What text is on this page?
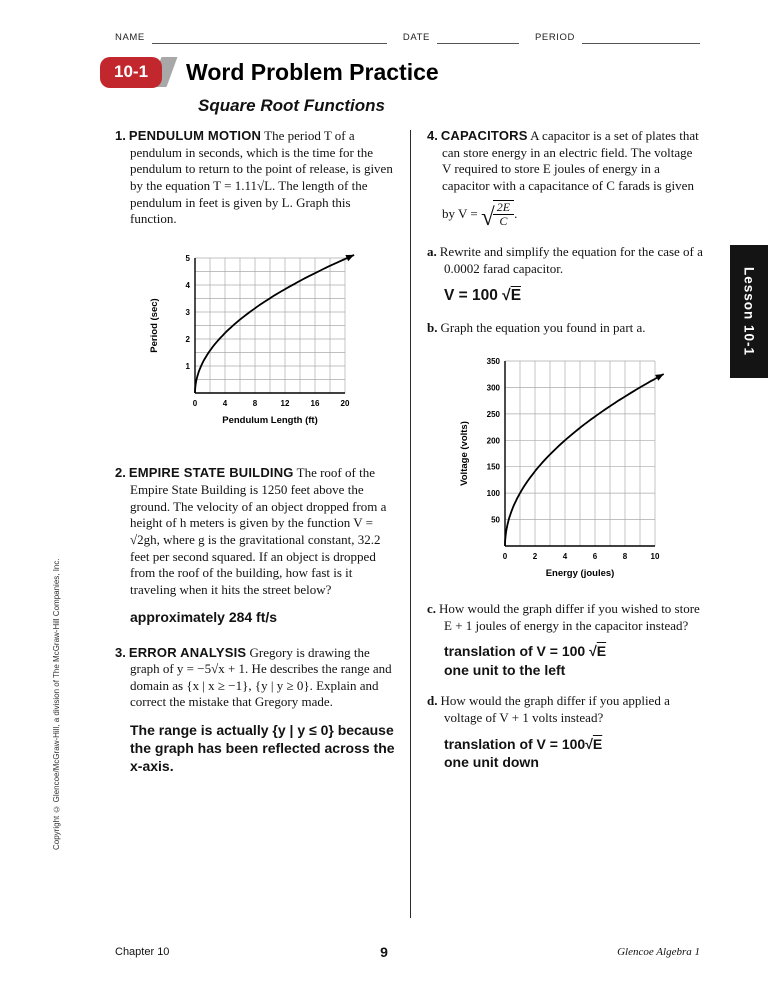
NAME	DATE	PERIOD
10-1	Word Problem Practice
Square Root Functions

1. PENDULUM MOTION The period T of a pendulum in seconds, which is the time for the pendulum to return to the point of release, is given by the equation T = 1.11√L. The length of the pendulum in feet is given by L. Graph this function.

1
2
3
4
5
0	4	8	12	16	20
Period (sec)
Pendulum Length (ft)

2. EMPIRE STATE BUILDING The roof of the Empire State Building is 1250 feet above the ground. The velocity of an object dropped from a height of h meters is given by the function V = √2gh, where g is the gravitational constant, 32.2 feet per second squared. If an object is dropped from the roof of the building, how fast is it traveling when it hits the street below?

approximately 284 ft/s

3. ERROR ANALYSIS Gregory is drawing the graph of y = −5√x + 1. He describes the range and domain as {x | x ≥ −1}, {y | y ≥ 0}. Explain and correct the mistake that Gregory made.

The range is actually {y | y ≤ 0} because the graph has been reflected across the x-axis.

4. CAPACITORS A capacitor is a set of plates that can store energy in an electric field. The voltage V required to store E joules of energy in a capacitor with a capacitance of C farads is given

by V = √
$\frac{2E}{C}$ .
a. Rewrite and simplify the equation for the case of a 0.0002 farad capacitor.
V = 100 √E
b. Graph the equation you found in part a.
50
100
150
200
250
300
350
0	2	4	6	8	10
Voltage (volts)
Energy (joules)
c. How would the graph differ if you wished to store E + 1 joules of energy in the capacitor instead?
translation of V = 100 √E
one unit to the left
d. How would the graph differ if you applied a voltage of V + 1 volts instead?
translation of V = 100√E
one unit down
Lesson 10-1
Copyright © Glencoe/McGraw-Hill, a division of The McGraw-Hill Companies, Inc.
Chapter 10	9	Glencoe Algebra 1
